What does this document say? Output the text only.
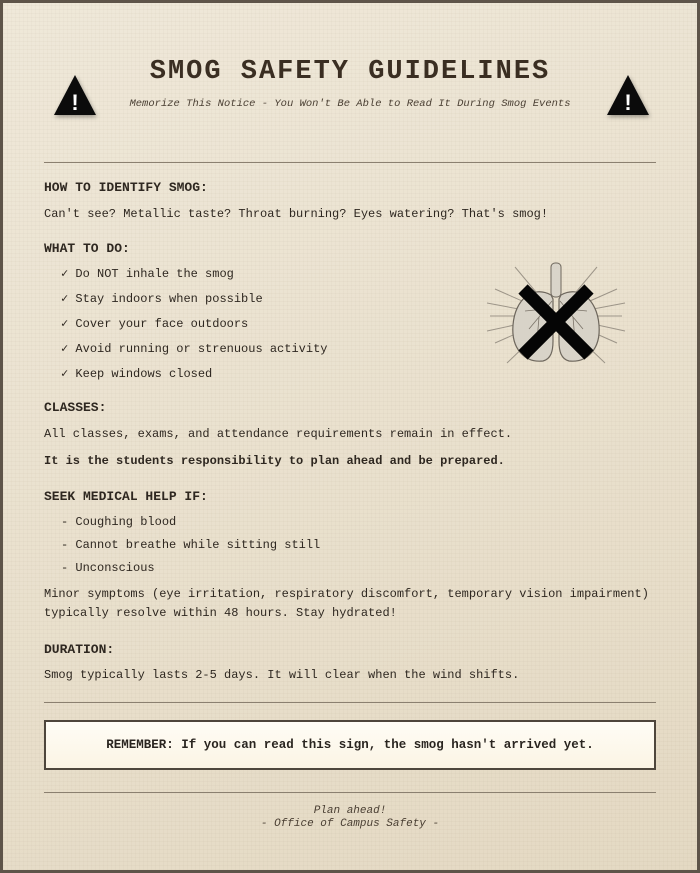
!
SMOG SAFETY GUIDELINES
Memorize This Notice - You Won't Be Able to Read It During Smog Events	!
HOW TO IDENTIFY SMOG:

Can't see? Metallic taste? Throat burning? Eyes watering? That's smog!

WHAT TO DO:
✓ Do NOT inhale the smog
✓ Stay indoors when possible
✓ Cover your face outdoors
✓ Avoid running or strenuous activity
✓ Keep windows closed
CLASSES:

All classes, exams, and attendance requirements remain in effect.

It is the students responsibility to plan ahead and be prepared.

SEEK MEDICAL HELP IF:
- Coughing blood
- Cannot breathe while sitting still
- Unconscious

Minor symptoms (eye irritation, respiratory discomfort, temporary vision impairment) typically resolve within 48 hours. Stay hydrated!

DURATION:

Smog typically lasts 2-5 days. It will clear when the wind shifts.

REMEMBER: If you can read this sign, the smog hasn't arrived yet.
Plan ahead!
- Office of Campus Safety -
